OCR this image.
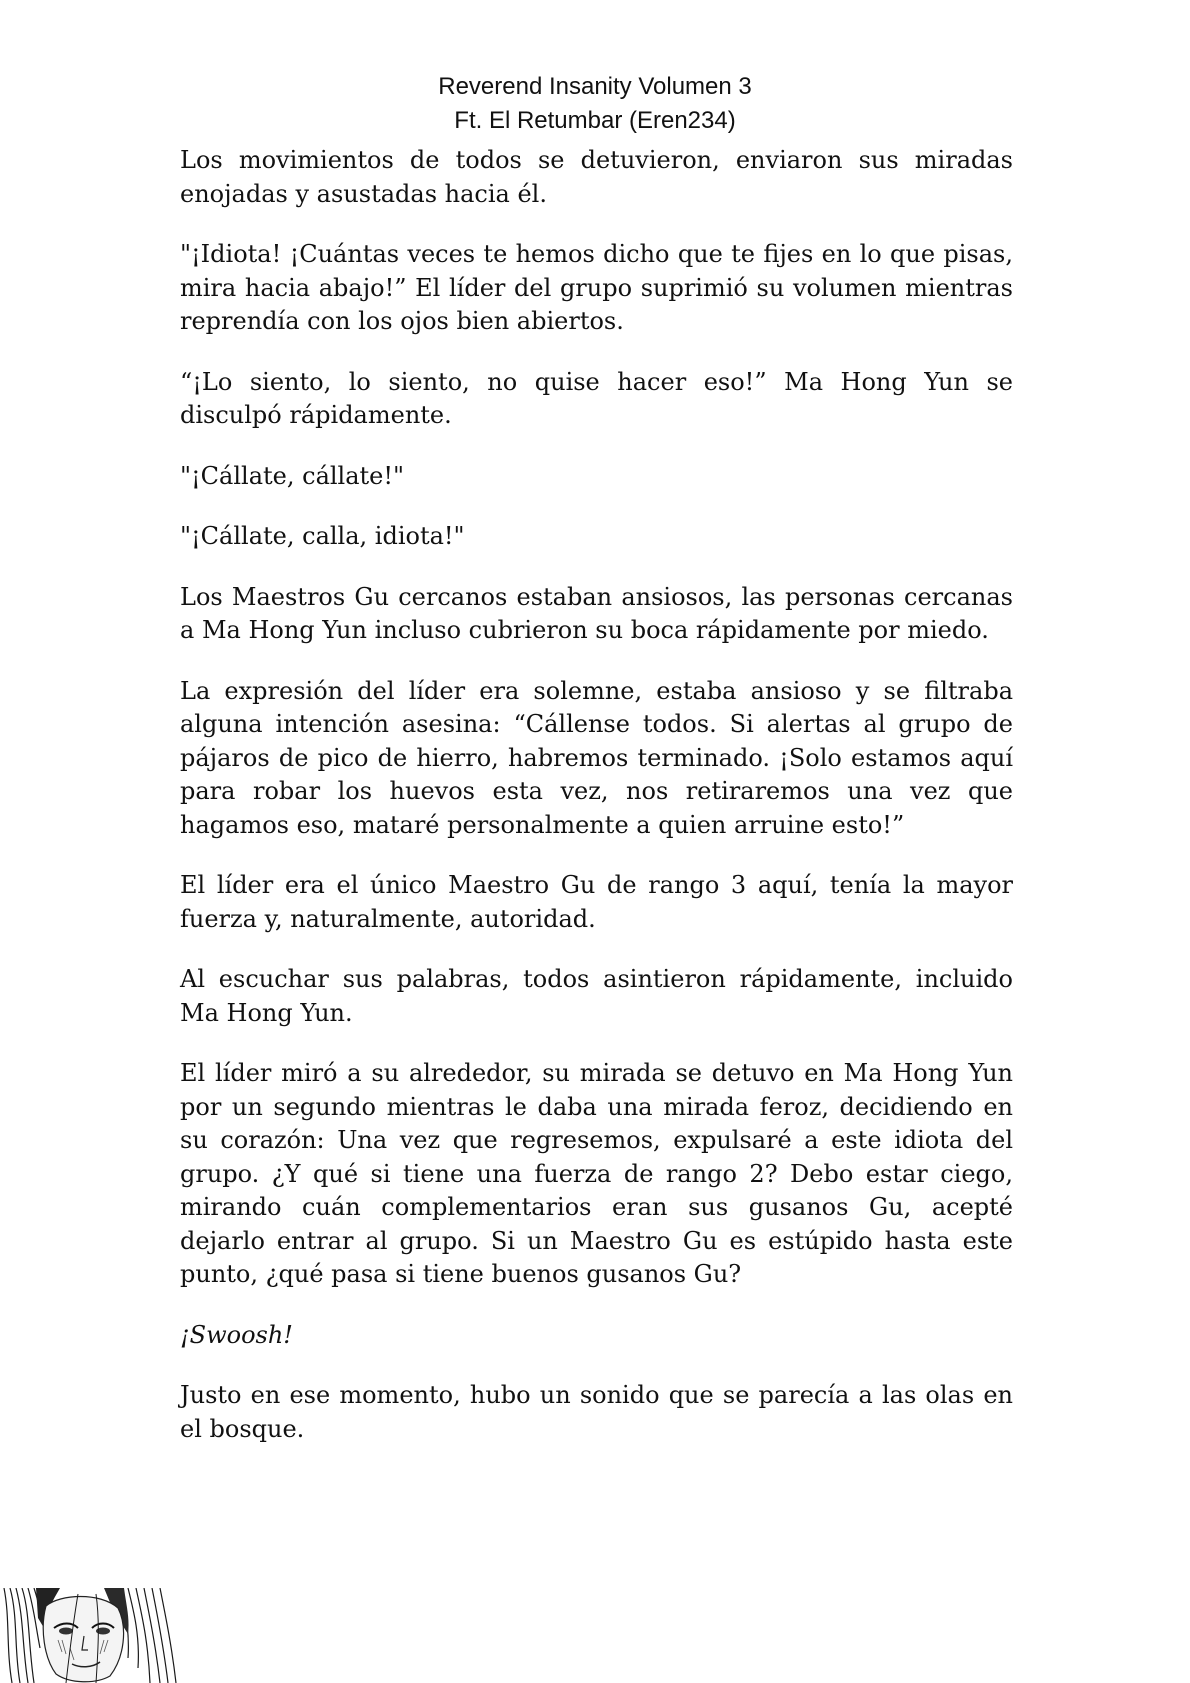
Reverend Insanity Volumen 3
Ft. El Retumbar (Eren234)

Los movimientos de todos se detuvieron, enviaron sus miradas enojadas y asustadas hacia él.

"¡Idiota! ¡Cuántas veces te hemos dicho que te fijes en lo que pisas, mira hacia abajo!” El líder del grupo suprimió su volumen mientras reprendía con los ojos bien abiertos.

“¡Lo siento, lo siento, no quise hacer eso!” Ma Hong Yun se disculpó rápidamente.

"¡Cállate, cállate!"

"¡Cállate, calla, idiota!"

Los Maestros Gu cercanos estaban ansiosos, las personas cercanas a Ma Hong Yun incluso cubrieron su boca rápidamente por miedo.

La expresión del líder era solemne, estaba ansioso y se filtraba alguna intención asesina: “Cállense todos. Si alertas al grupo de pájaros de pico de hierro, habremos terminado. ¡Solo estamos aquí para robar los huevos esta vez, nos retiraremos una vez que hagamos eso, mataré personalmente a quien arruine esto!”

El líder era el único Maestro Gu de rango 3 aquí, tenía la mayor fuerza y, naturalmente, autoridad.

Al escuchar sus palabras, todos asintieron rápidamente, incluido Ma Hong Yun.

El líder miró a su alrededor, su mirada se detuvo en Ma Hong Yun por un segundo mientras le daba una mirada feroz, decidiendo en su corazón: Una vez que regresemos, expulsaré a este idiota del grupo. ¿Y qué si tiene una fuerza de rango 2? Debo estar ciego, mirando cuán complementarios eran sus gusanos Gu, acepté dejarlo entrar al grupo. Si un Maestro Gu es estúpido hasta este punto, ¿qué pasa si tiene buenos gusanos Gu?

¡Swoosh!

Justo en ese momento, hubo un sonido que se parecía a las olas en el bosque.
